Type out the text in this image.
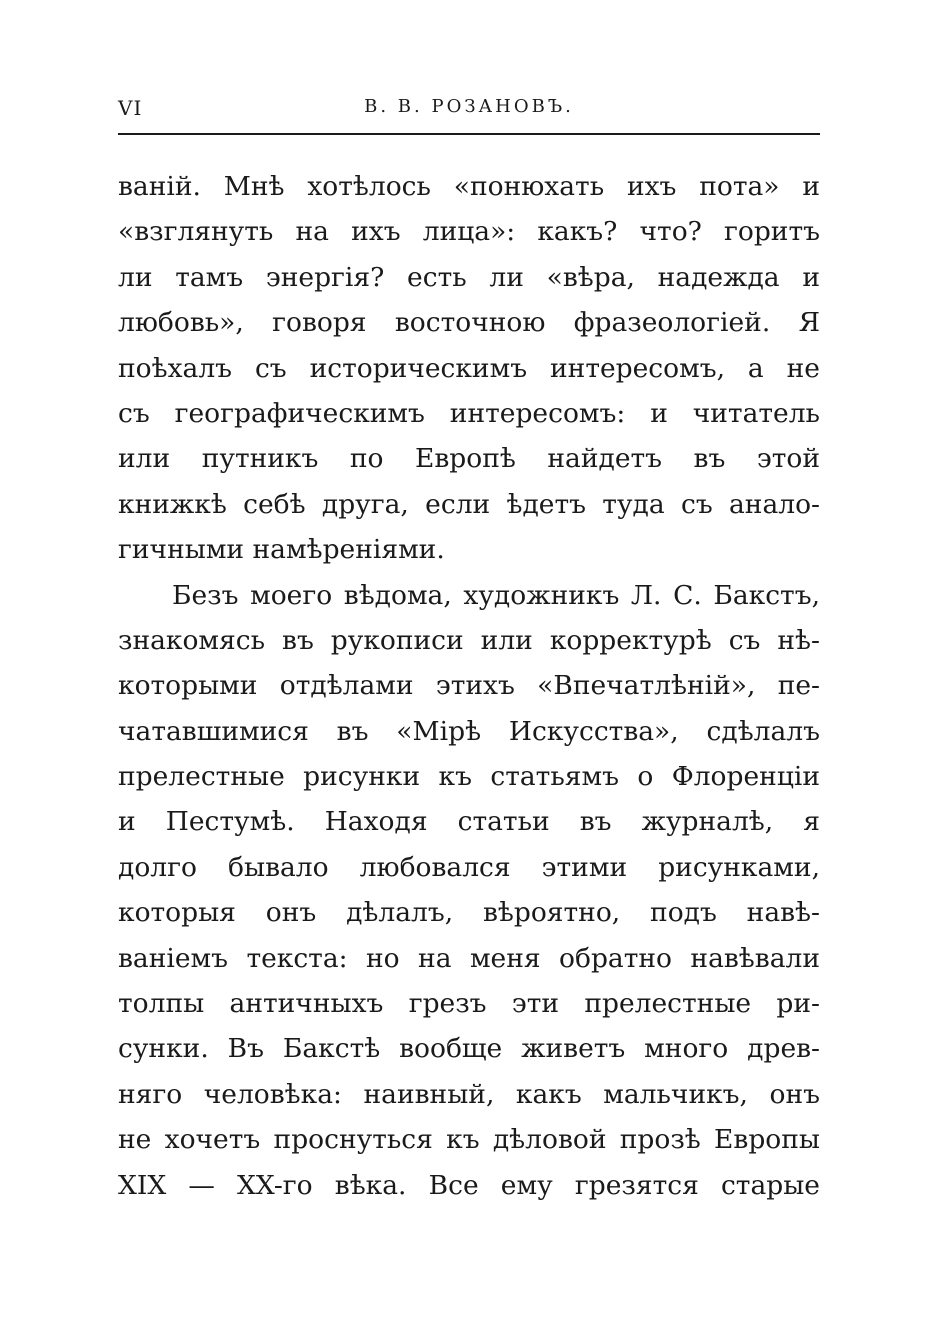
VI	В. В. РОЗАНОВЪ.
ваній. Мнѣ хотѣлось «понюхать ихъ пота» и
«взглянуть на ихъ лица»: какъ? что? горитъ
ли тамъ энергія? есть ли «вѣра, надежда и
любовь», говоря восточною фразеологіей. Я
поѣхалъ съ историческимъ интересомъ, а не
съ географическимъ интересомъ: и читатель
или путникъ по Европѣ найдетъ въ этой
книжкѣ себѣ друга, если ѣдетъ туда съ анало-
гичными намѣреніями.
Безъ моего вѣдома, художникъ Л. С. Бакстъ,
знакомясь въ рукописи или корректурѣ съ нѣ-
которыми отдѣлами этихъ «Впечатлѣній», пе-
чатавшимися въ «Мірѣ Искусства», сдѣлалъ
прелестные рисунки къ статьямъ о Флоренціи
и Пестумѣ. Находя статьи въ журналѣ, я
долго бывало любовался этими рисунками,
которыя онъ дѣлалъ, вѣроятно, подъ навѣ-
ваніемъ текста: но на меня обратно навѣвали
толпы античныхъ грезъ эти прелестные ри-
сунки. Въ Бакстѣ вообще живетъ много древ-
няго человѣка: наивный, какъ мальчикъ, онъ
не хочетъ проснуться къ дѣловой прозѣ Европы
XIX — XX-го вѣка. Все ему грезятся старые
